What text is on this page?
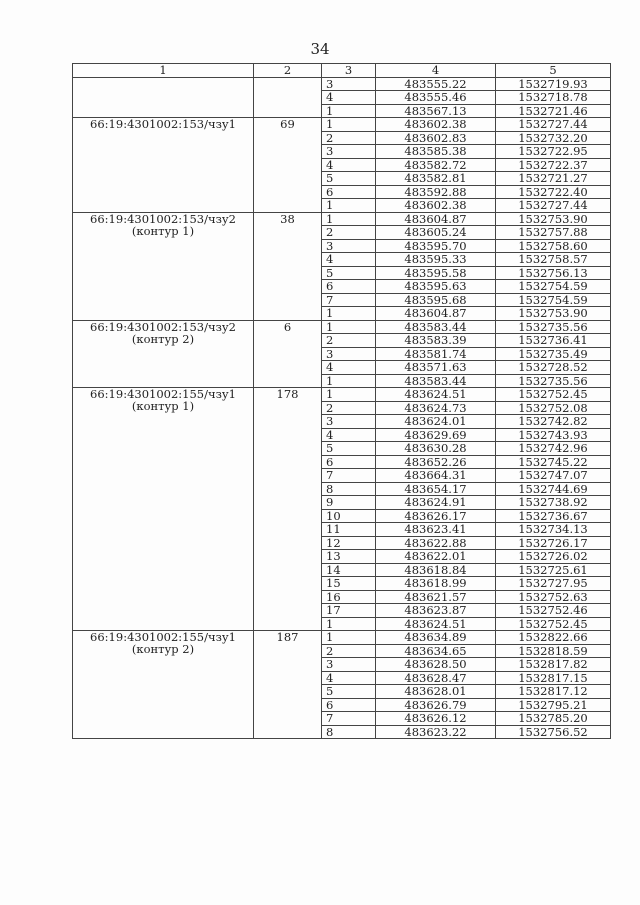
34
1	2	3	4	5

		3	483555.22	1532719.93
		4	483555.46	1532718.78
		1	483567.13	1532721.46

66:19:4301002:153/чзу1	69	1	483602.38	1532727.44
		2	483602.83	1532732.20
		3	483585.38	1532722.95
		4	483582.72	1532722.37
		5	483582.81	1532721.27
		6	483592.88	1532722.40
		1	483602.38	1532727.44

66:19:4301002:153/чзу2
(контур 1)	38	1	483604.87	1532753.90
		2	483605.24	1532757.88
		3	483595.70	1532758.60
		4	483595.33	1532758.57
		5	483595.58	1532756.13
		6	483595.63	1532754.59
		7	483595.68	1532754.59
		1	483604.87	1532753.90

66:19:4301002:153/чзу2
(контур 2)	6	1	483583.44	1532735.56
		2	483583.39	1532736.41
		3	483581.74	1532735.49
		4	483571.63	1532728.52
		1	483583.44	1532735.56

66:19:4301002:155/чзу1
(контур 1)	178	1	483624.51	1532752.45
		2	483624.73	1532752.08
		3	483624.01	1532742.82
		4	483629.69	1532743.93
		5	483630.28	1532742.96
		6	483652.26	1532745.22
		7	483664.31	1532747.07
		8	483654.17	1532744.69
		9	483624.91	1532738.92
		10	483626.17	1532736.67
		11	483623.41	1532734.13
		12	483622.88	1532726.17
		13	483622.01	1532726.02
		14	483618.84	1532725.61
		15	483618.99	1532727.95
		16	483621.57	1532752.63
		17	483623.87	1532752.46
		1	483624.51	1532752.45

66:19:4301002:155/чзу1
(контур 2)	187	1	483634.89	1532822.66
		2	483634.65	1532818.59
		3	483628.50	1532817.82
		4	483628.47	1532817.15
		5	483628.01	1532817.12
		6	483626.79	1532795.21
		7	483626.12	1532785.20
		8	483623.22	1532756.52
